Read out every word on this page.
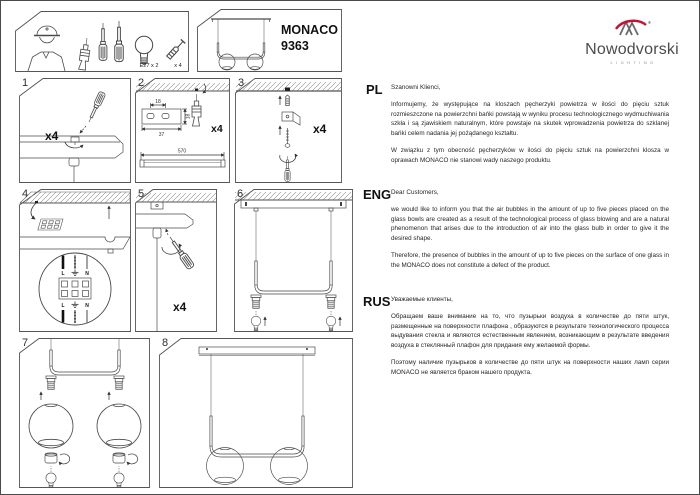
E27 x 2	x 4
MONACO
9363
®
Nowodvorski
LIGHTING
1
x4
2
x4
18
37
18
570
3
x4
4
L	N
L	N
5
x4
6
7	8
PL Szanowni Klienci,
Informujemy, że występujące na kloszach pęcherzyki powietrza w ilości do pięciu sztuk rozmieszczone na powierzchni bańki powstają w wyniku procesu technologicznego wydmuchiwania szkła i są zjawiskiem naturalnym, które powstaje na skutek wprowadzenia powietrza do szklanej bańki celem nadania jej pożądanego kształtu.
W związku z tym obecność pęcherzyków w ilości do pięciu sztuk na powierzchni klosza w oprawach MONACO nie stanowi wady naszego produktu.
ENG Dear Customers,
we would like to inform you that the air bubbles in the amount of up to five pieces placed on the glass bowls are created as a result of the technological process of glass blowing and are a natural phenomenon that arises due to the introduction of air into the glass bulb in order to give it the desired shape.
Therefore, the presence of bubbles in the amount of up to five pieces on the surface of one glass in the MONACO does not constitute a defect of the product.
RUS Уважаемые клиенты,
Обращаем ваше внимание на то, что пузырьки воздуха в количестве до пяти штук, размещенные на поверхности плафона , образуются в результате технологического процесса выдувания стекла и являются естественным явлением, возникающим в результате введения воздуха в стеклянный плафон для придания ему желаемой формы.
Поэтому наличие пузырьков в количестве до пяти штук на поверхности наших ламп серии MONACO не является браком нашего продукта.
